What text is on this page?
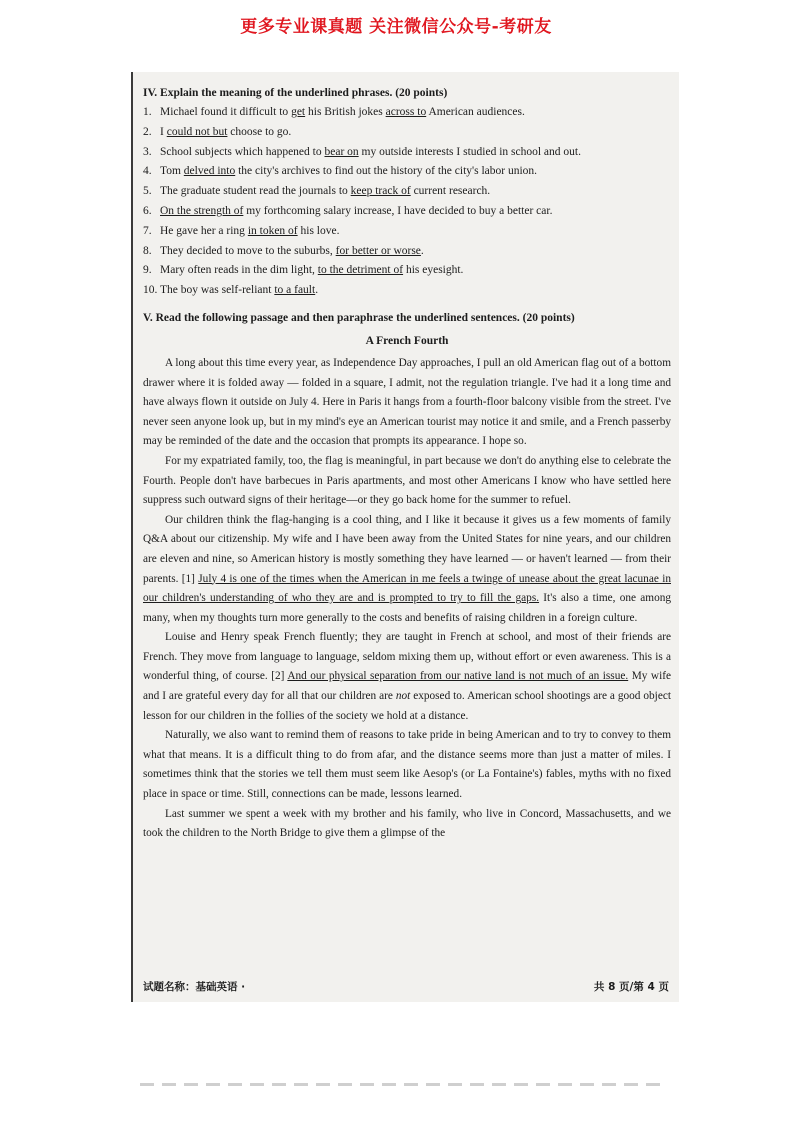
更多专业课真题 关注微信公众号-考研友
IV. Explain the meaning of the underlined phrases. (20 points)
1. Michael found it difficult to get his British jokes across to American audiences.
2. I could not but choose to go.
3. School subjects which happened to bear on my outside interests I studied in school and out.
4. Tom delved into the city's archives to find out the history of the city's labor union.
5. The graduate student read the journals to keep track of current research.
6. On the strength of my forthcoming salary increase, I have decided to buy a better car.
7. He gave her a ring in token of his love.
8. They decided to move to the suburbs, for better or worse.
9. Mary often reads in the dim light, to the detriment of his eyesight.
10. The boy was self-reliant to a fault.
V. Read the following passage and then paraphrase the underlined sentences. (20 points)
A French Fourth

A long about this time every year, as Independence Day approaches, I pull an old American flag out of a bottom drawer where it is folded away — folded in a square, I admit, not the regulation triangle. I've had it a long time and have always flown it outside on July 4. Here in Paris it hangs from a fourth-floor balcony visible from the street. I've never seen anyone look up, but in my mind's eye an American tourist may notice it and smile, and a French passerby may be reminded of the date and the occasion that prompts its appearance. I hope so.

For my expatriated family, too, the flag is meaningful, in part because we don't do anything else to celebrate the Fourth. People don't have barbecues in Paris apartments, and most other Americans I know who have settled here suppress such outward signs of their heritage—or they go back home for the summer to refuel.

Our children think the flag-hanging is a cool thing, and I like it because it gives us a few moments of family Q&A about our citizenship. My wife and I have been away from the United States for nine years, and our children are eleven and nine, so American history is mostly something they have learned — or haven't learned — from their parents. [1] July 4 is one of the times when the American in me feels a twinge of unease about the great lacunae in our children's understanding of who they are and is prompted to try to fill the gaps. It's also a time, one among many, when my thoughts turn more generally to the costs and benefits of raising children in a foreign culture.

Louise and Henry speak French fluently; they are taught in French at school, and most of their friends are French. They move from language to language, seldom mixing them up, without effort or even awareness. This is a wonderful thing, of course. [2] And our physical separation from our native land is not much of an issue. My wife and I are grateful every day for all that our children are not exposed to. American school shootings are a good object lesson for our children in the follies of the society we hold at a distance.

Naturally, we also want to remind them of reasons to take pride in being American and to try to convey to them what that means. It is a difficult thing to do from afar, and the distance seems more than just a matter of miles. I sometimes think that the stories we tell them must seem like Aesop's (or La Fontaine's) fables, myths with no fixed place in space or time. Still, connections can be made, lessons learned.

Last summer we spent a week with my brother and his family, who live in Concord, Massachusetts, and we took the children to the North Bridge to give them a glimpse of the

试题名称：基础英语 ·	共 8 页/第 4 页
